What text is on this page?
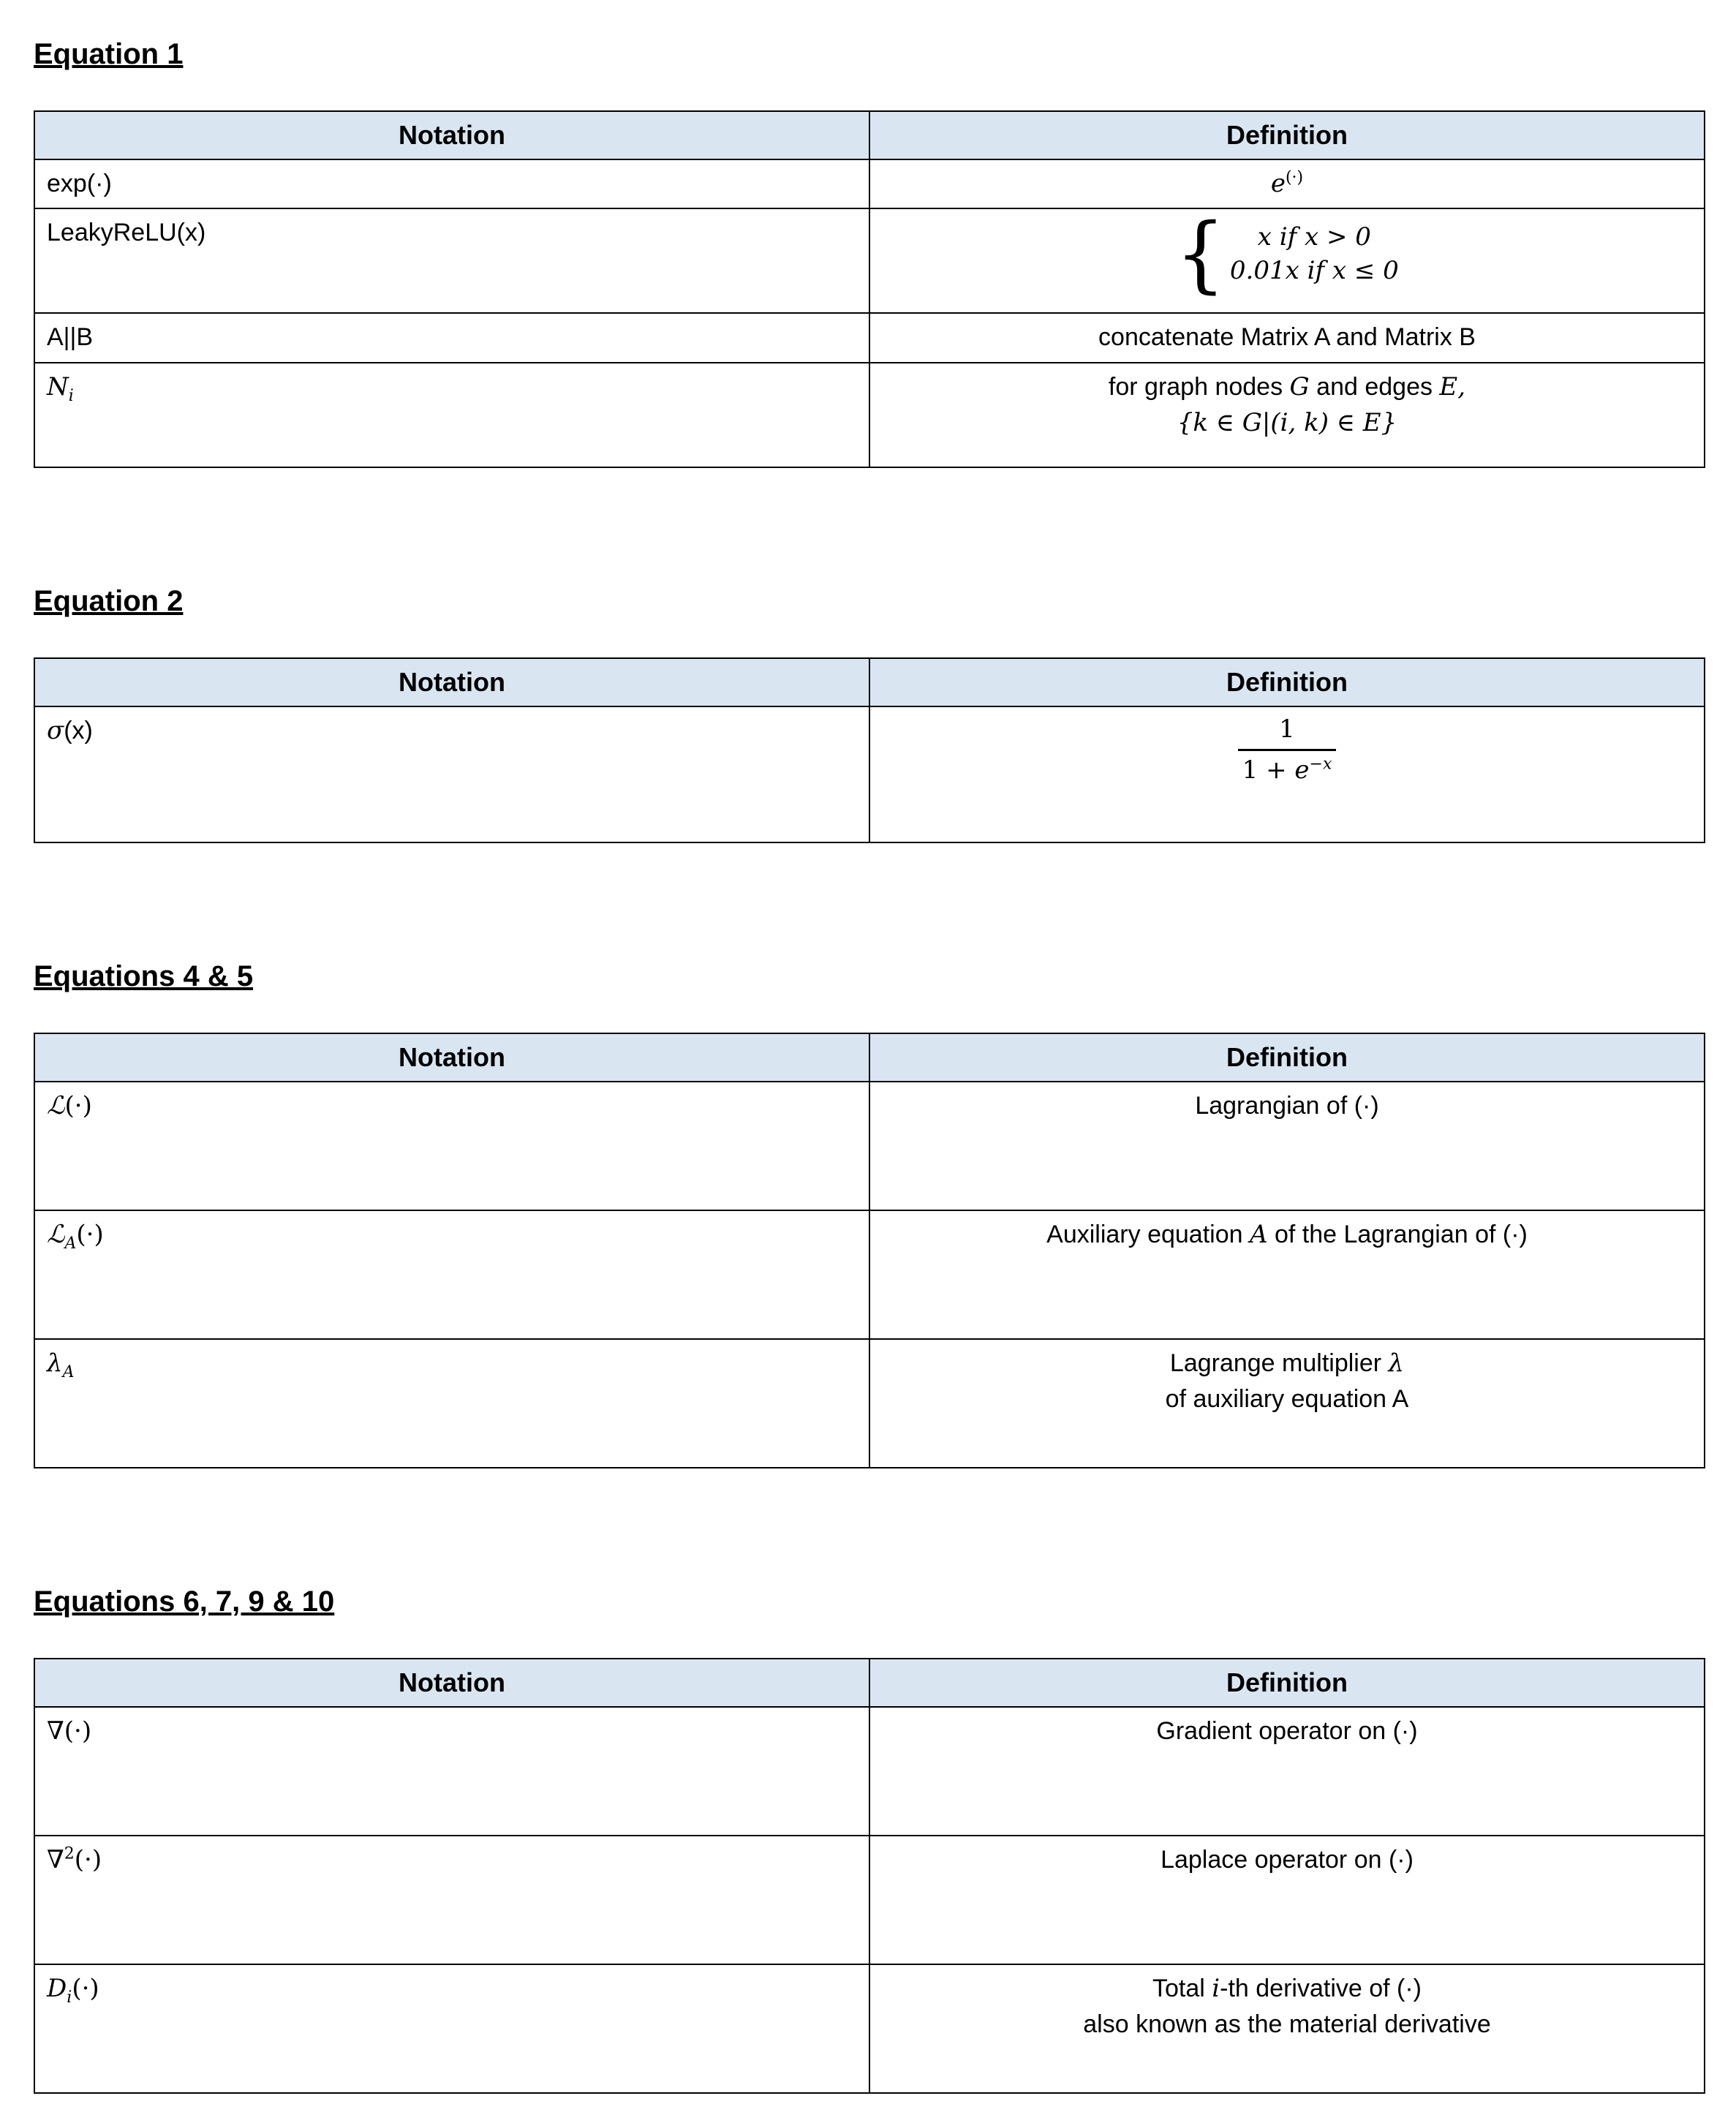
Equation 1
Notation	Definition
exp(·)	e(·)
LeakyReLU(x)	{ x if x > 0
0.01x if x ≤ 0

A||B	concatenate Matrix A and Matrix B
$N_i$	for graph nodes G and edges E,
{k ∈ G|(i, k) ∈ E}
Equation 2
Notation	Definition
σ(x)	$\frac{1}{1 + e^{-x}}$
Equations 4 & 5
Notation	Definition
ℒ(·)	Lagrangian of (·)
ℒ$_A$(·)	Auxiliary equation A of the Lagrangian of (·)
$\lambda_A$	Lagrange multiplier λ
of auxiliary equation A
Equations 6, 7, 9 & 10
Notation	Definition
∇(·)	Gradient operator on (·)
∇$^2$(·)	Laplace operator on (·)
$D_i(\cdot)$	Total i-th derivative of (·)
also known as the material derivative
